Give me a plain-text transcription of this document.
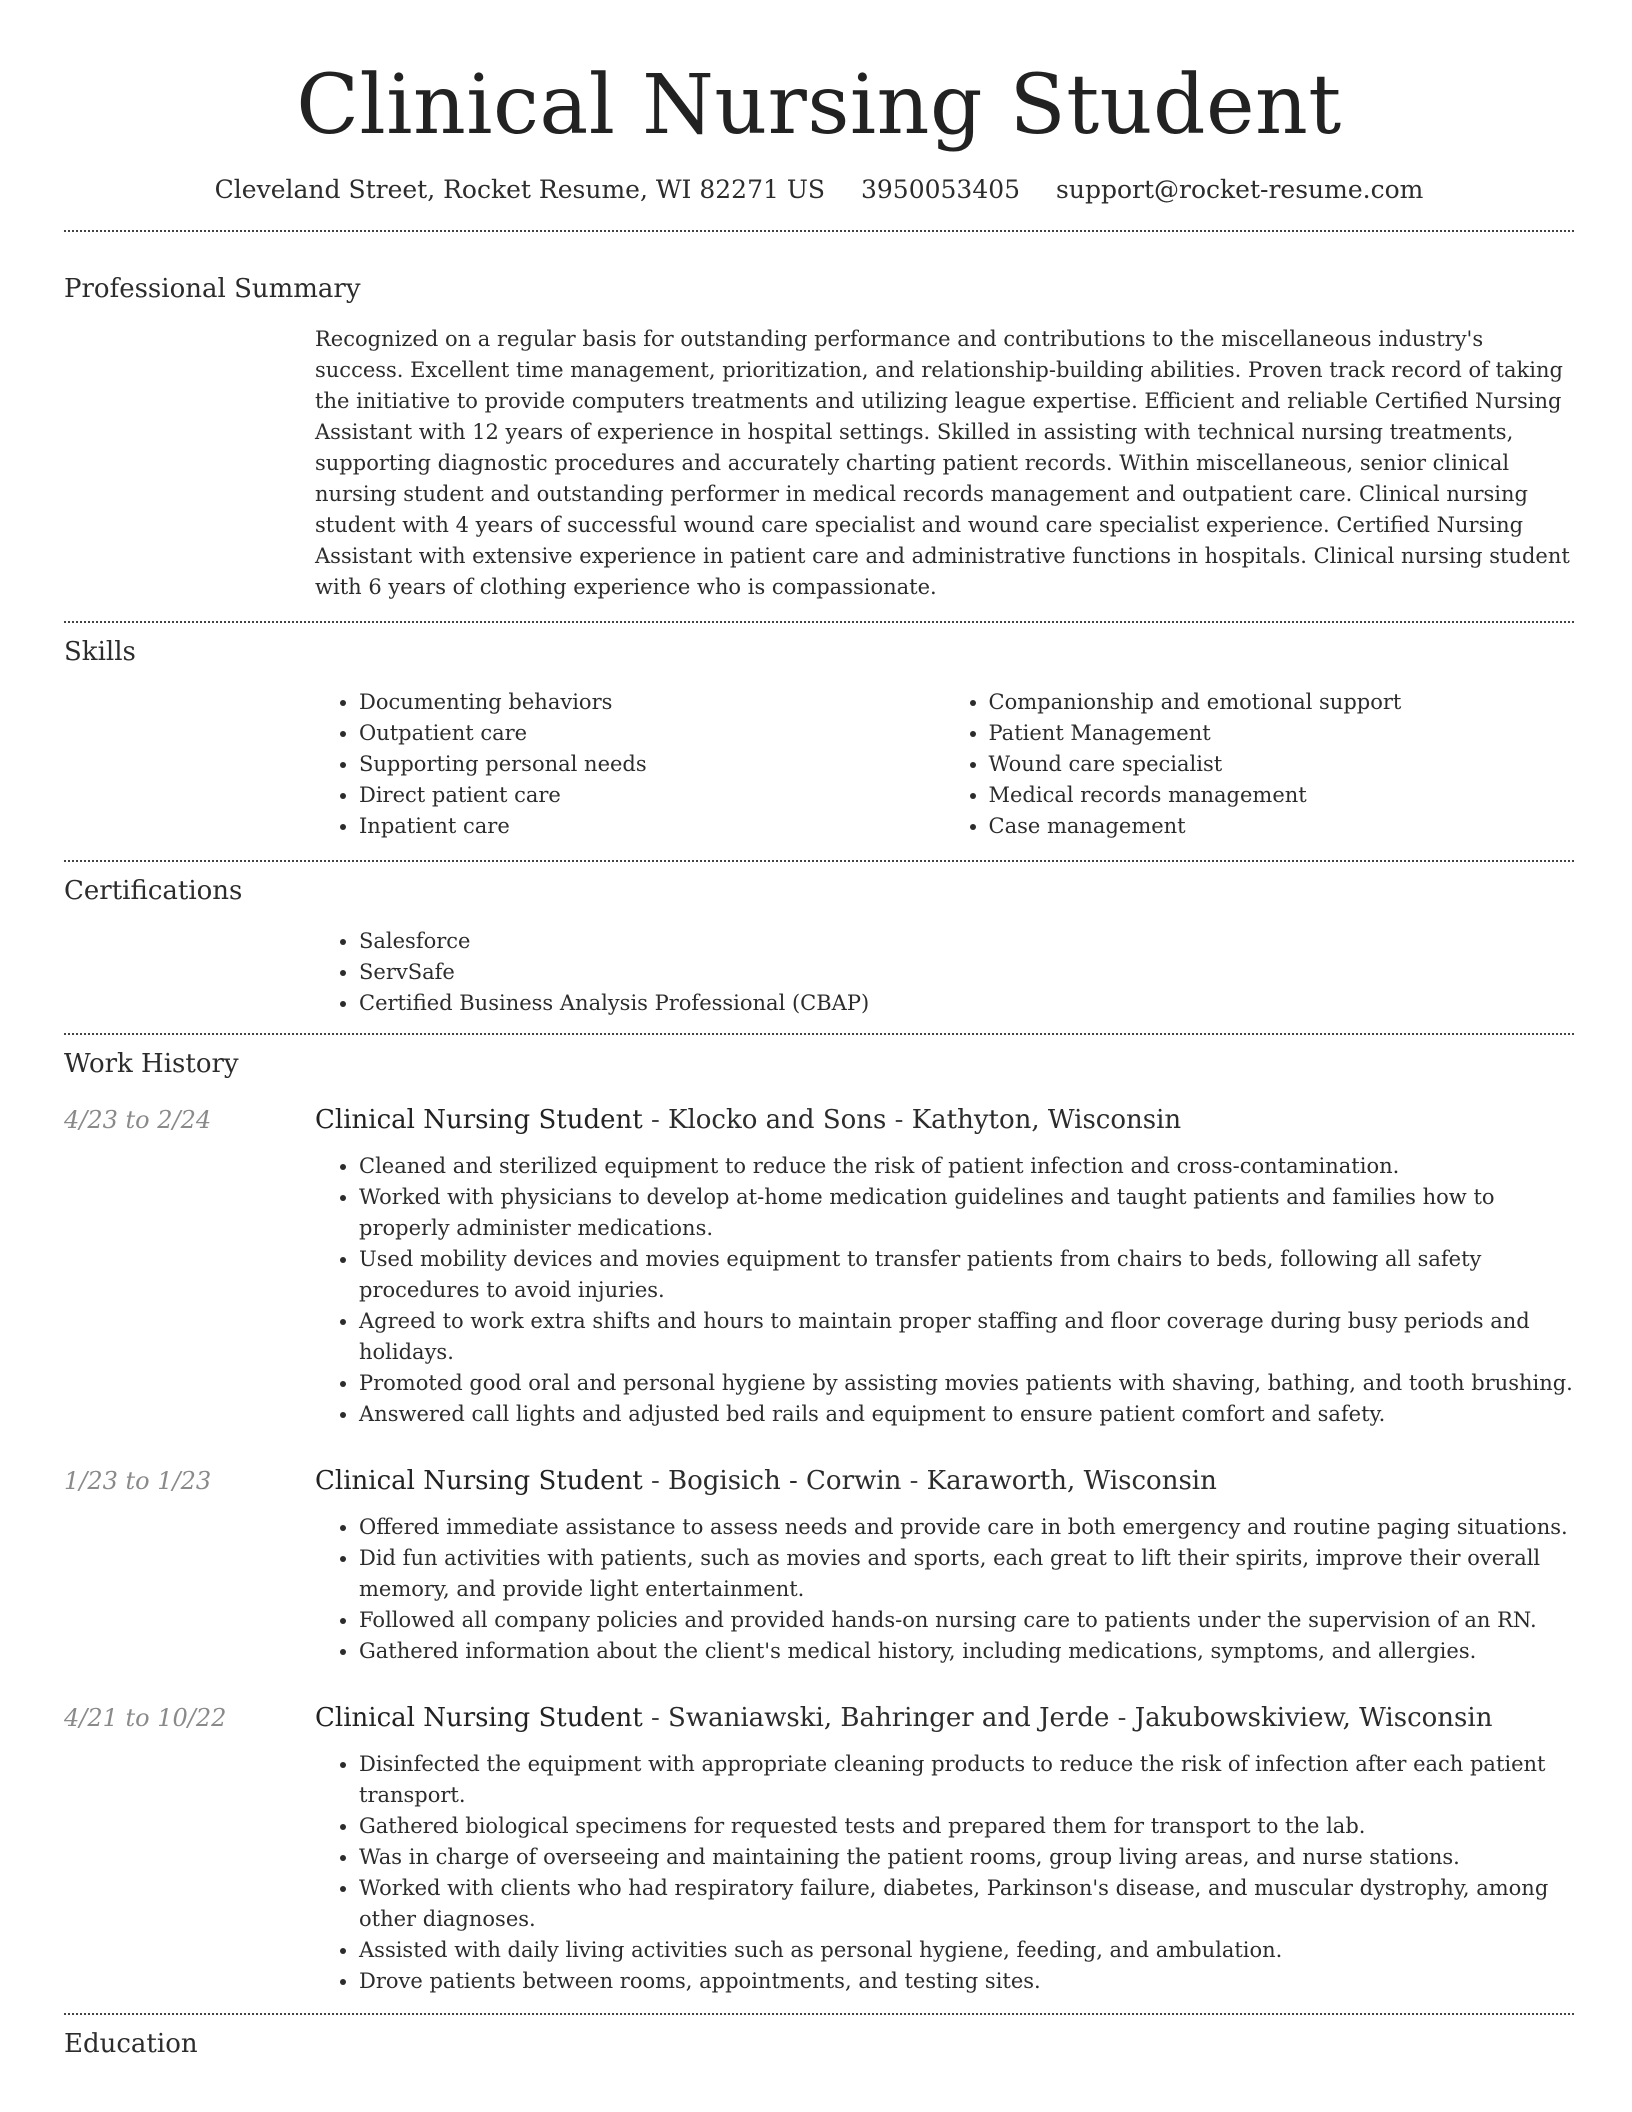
Clinical Nursing Student
Cleveland Street, Rocket Resume, WI 82271 US 3950053405 support@rocket-resume.com
Professional Summary
Recognized on a regular basis for outstanding performance and contributions to the miscellaneous industry's success. Excellent time management, prioritization, and relationship-building abilities. Proven track record of taking the initiative to provide computers treatments and utilizing league expertise. Efficient and reliable Certified Nursing Assistant with 12 years of experience in hospital settings. Skilled in assisting with technical nursing treatments, supporting diagnostic procedures and accurately charting patient records. Within miscellaneous, senior clinical nursing student and outstanding performer in medical records management and outpatient care. Clinical nursing student with 4 years of successful wound care specialist and wound care specialist experience. Certified Nursing Assistant with extensive experience in patient care and administrative functions in hospitals. Clinical nursing student with 6 years of clothing experience who is compassionate.
Skills
• Documenting behaviors
• Outpatient care
• Supporting personal needs
• Direct patient care
• Inpatient care
• Companionship and emotional support
• Patient Management
• Wound care specialist
• Medical records management
• Case management
Certifications
• Salesforce
• ServSafe
• Certified Business Analysis Professional (CBAP)
Work History
4/23 to 2/24	Clinical Nursing Student - Klocko and Sons - Kathyton, Wisconsin
• Cleaned and sterilized equipment to reduce the risk of patient infection and cross-contamination.
• Worked with physicians to develop at-home medication guidelines and taught patients and families how to properly administer medications.
• Used mobility devices and movies equipment to transfer patients from chairs to beds, following all safety procedures to avoid injuries.
• Agreed to work extra shifts and hours to maintain proper staffing and floor coverage during busy periods and holidays.
• Promoted good oral and personal hygiene by assisting movies patients with shaving, bathing, and tooth brushing.
• Answered call lights and adjusted bed rails and equipment to ensure patient comfort and safety.
1/23 to 1/23	Clinical Nursing Student - Bogisich - Corwin - Karaworth, Wisconsin
• Offered immediate assistance to assess needs and provide care in both emergency and routine paging situations.
• Did fun activities with patients, such as movies and sports, each great to lift their spirits, improve their overall memory, and provide light entertainment.
• Followed all company policies and provided hands-on nursing care to patients under the supervision of an RN.
• Gathered information about the client's medical history, including medications, symptoms, and allergies.
4/21 to 10/22	Clinical Nursing Student - Swaniawski, Bahringer and Jerde - Jakubowskiview, Wisconsin
• Disinfected the equipment with appropriate cleaning products to reduce the risk of infection after each patient transport.
• Gathered biological specimens for requested tests and prepared them for transport to the lab.
• Was in charge of overseeing and maintaining the patient rooms, group living areas, and nurse stations.
• Worked with clients who had respiratory failure, diabetes, Parkinson's disease, and muscular dystrophy, among other diagnoses.
• Assisted with daily living activities such as personal hygiene, feeding, and ambulation.
• Drove patients between rooms, appointments, and testing sites.
Education
